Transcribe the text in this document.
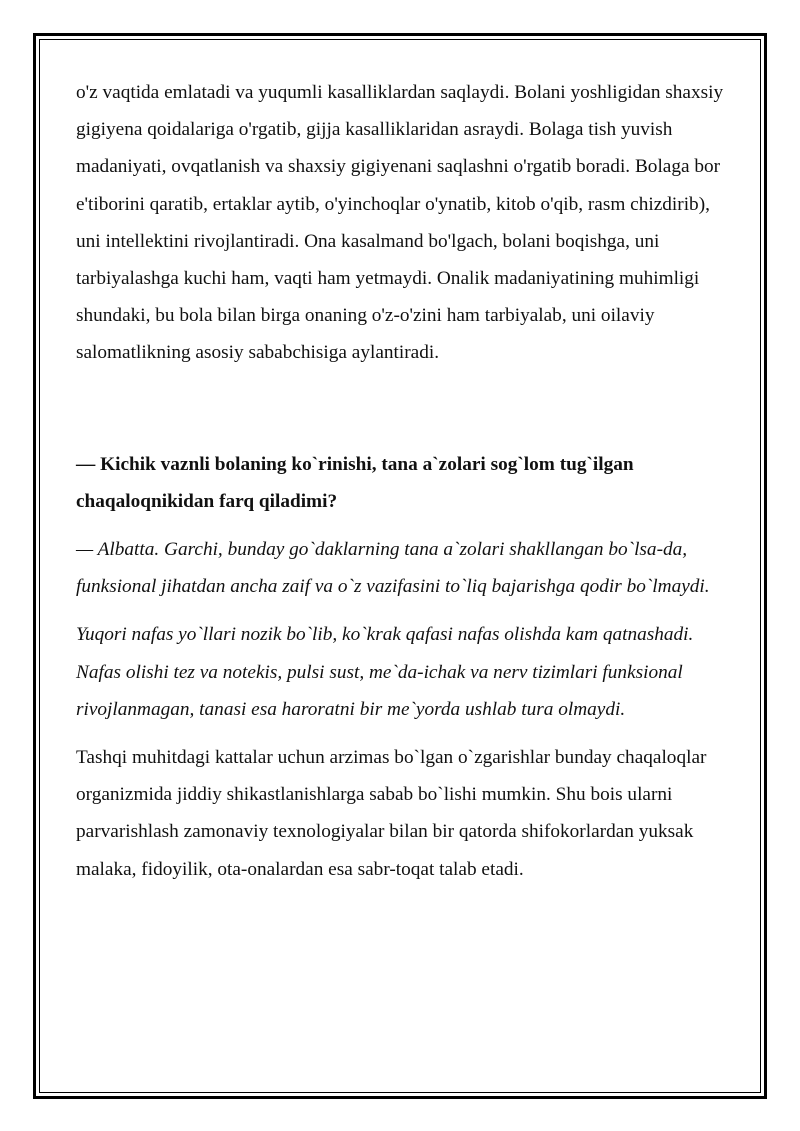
o'z vaqtida emlatadi va yuqumli kasalliklardan saqlaydi. Bolani yoshligidan shaxsiy gigiyena qoidalariga o'rgatib, gijja kasalliklaridan asraydi. Bolaga tish yuvish madaniyati, ovqatlanish va shaxsiy gigiyenani saqlashni o'rgatib boradi. Bolaga bor e'tiborini qaratib, ertaklar aytib, o'yinchoqlar o'ynatib, kitob o'qib, rasm chizdirib), uni intellektini rivojlantiradi. Ona kasalmand bo'lgach, bolani boqishga, uni tarbiyalashga kuchi ham, vaqti ham yetmaydi. Onalik madaniyatining muhimligi shundaki, bu bola bilan birga onaning o'z-o'zini ham tarbiyalab, uni oilaviy salomatlikning asosiy sababchisiga aylantiradi.

— Kichik vaznli bolaning ko`rinishi, tana a`zolari sog`lom tug`ilgan chaqaloqnikidan farq qiladimi?

— Albatta. Garchi, bunday go`daklarning tana a`zolari shakllangan bo`lsa-da, funksional jihatdan ancha zaif va o`z vazifasini to`liq bajarishga qodir bo`lmaydi.

Yuqori nafas yo`llari nozik bo`lib, ko`krak qafasi nafas olishda kam qatnashadi. Nafas olishi tez va notekis, pulsi sust, me`da-ichak va nerv tizimlari funksional rivojlanmagan, tanasi esa haroratni bir me`yorda ushlab tura olmaydi.

Tashqi muhitdagi kattalar uchun arzimas bo`lgan o`zgarishlar bunday chaqaloqlar organizmida jiddiy shikastlanishlarga sabab bo`lishi mumkin. Shu bois ularni parvarishlash zamonaviy texnologiyalar bilan bir qatorda shifokorlardan yuksak malaka, fidoyilik, ota-onalardan esa sabr-toqat talab etadi.
